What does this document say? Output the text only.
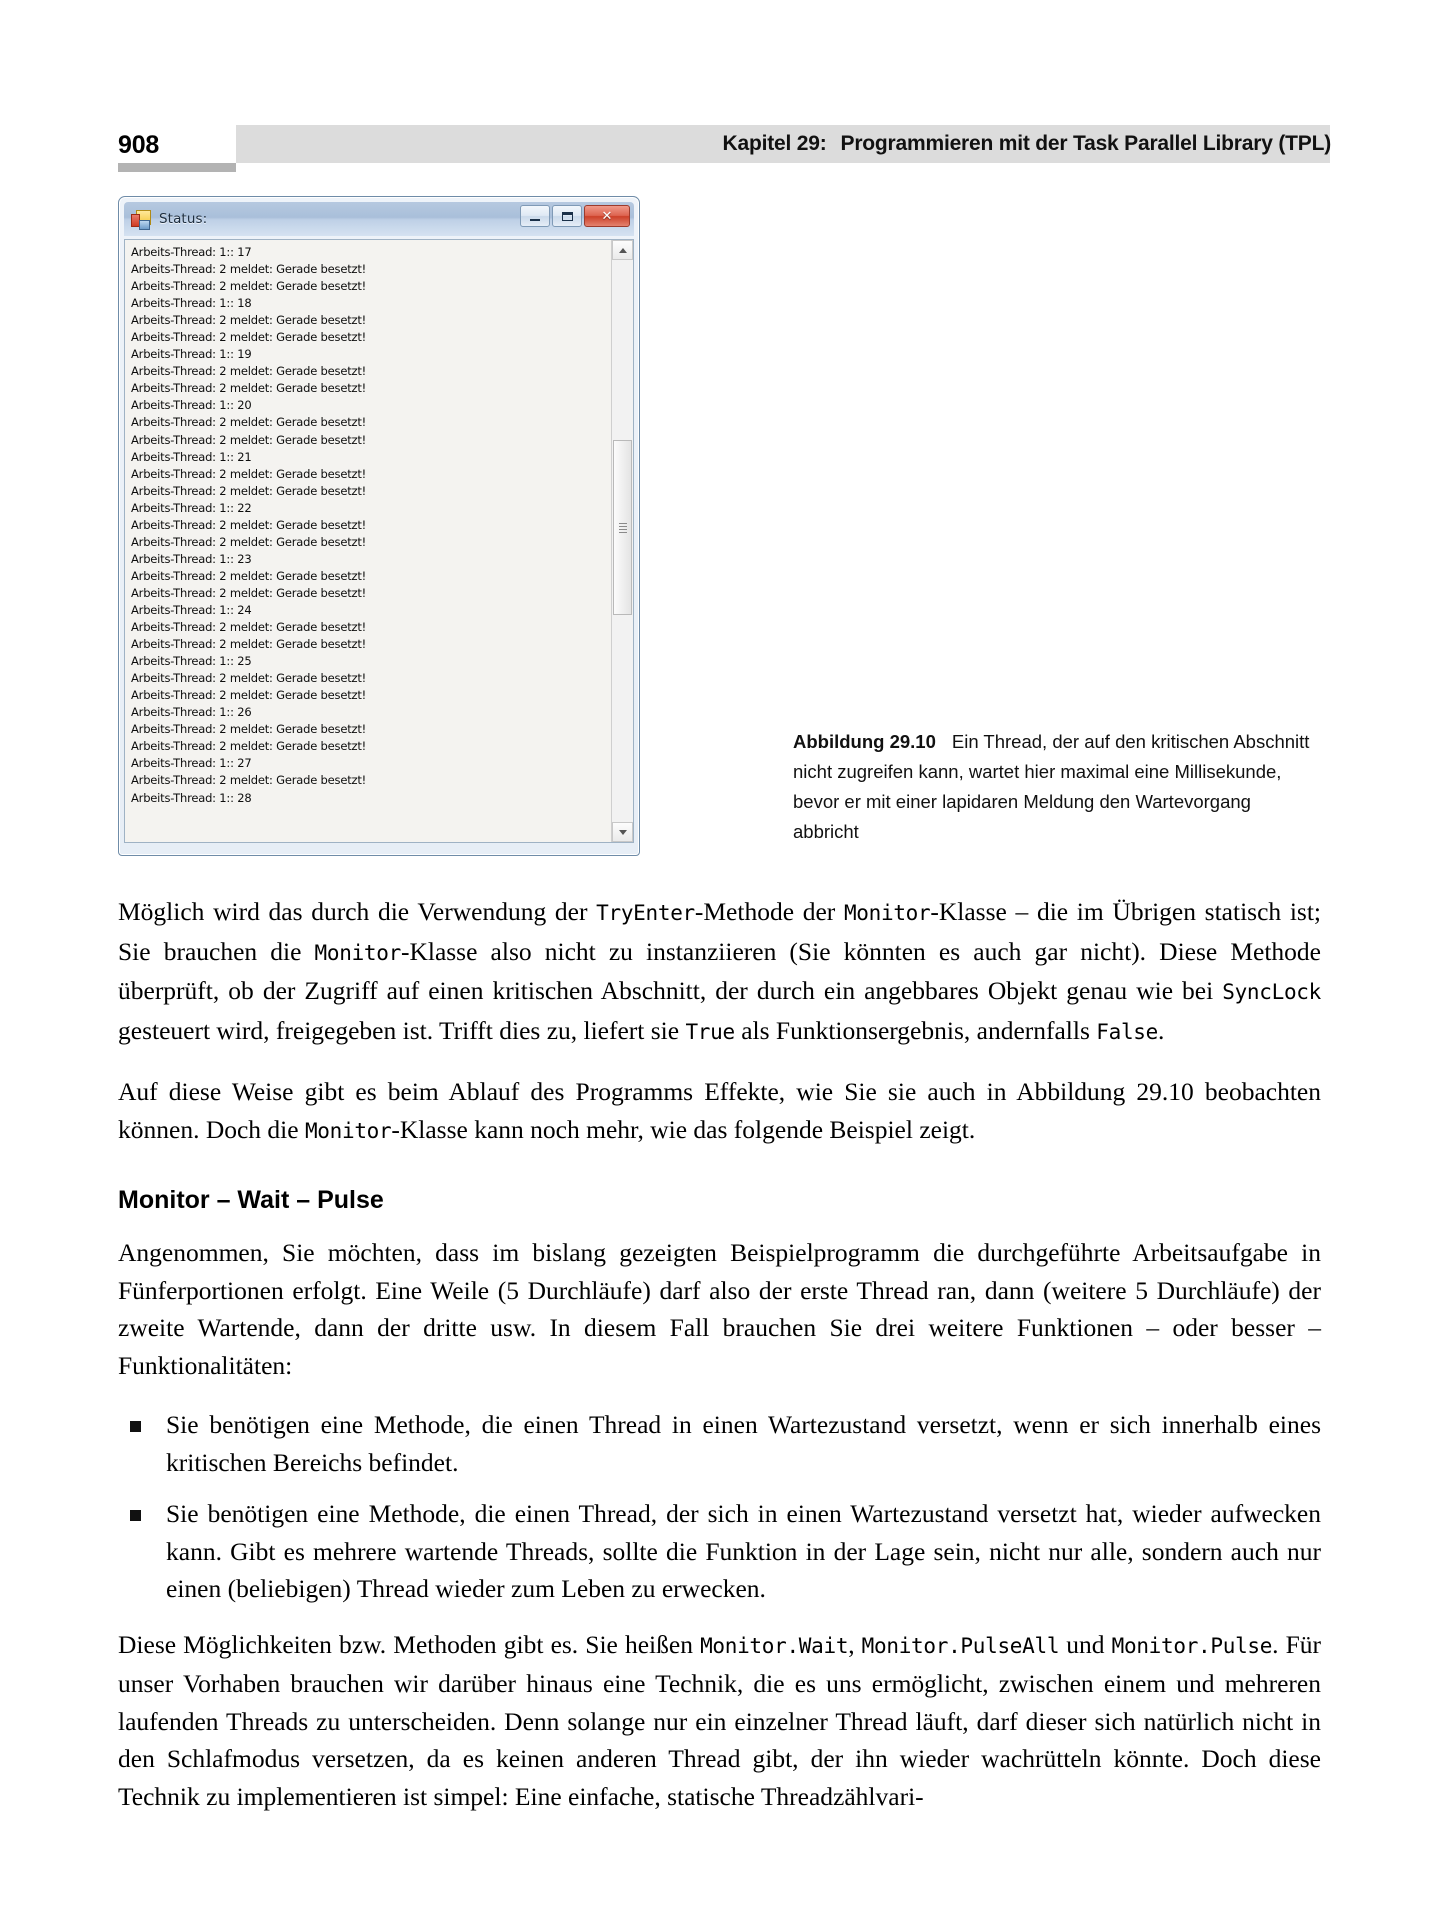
908	Kapitel 29: Programmieren mit der Task Parallel Library (TPL)
Status:	✕
Arbeits-Thread: 1:: 17
Arbeits-Thread: 2 meldet: Gerade besetzt!
Arbeits-Thread: 2 meldet: Gerade besetzt!
Arbeits-Thread: 1:: 18
Arbeits-Thread: 2 meldet: Gerade besetzt!
Arbeits-Thread: 2 meldet: Gerade besetzt!
Arbeits-Thread: 1:: 19
Arbeits-Thread: 2 meldet: Gerade besetzt!
Arbeits-Thread: 2 meldet: Gerade besetzt!
Arbeits-Thread: 1:: 20
Arbeits-Thread: 2 meldet: Gerade besetzt!
Arbeits-Thread: 2 meldet: Gerade besetzt!
Arbeits-Thread: 1:: 21
Arbeits-Thread: 2 meldet: Gerade besetzt!
Arbeits-Thread: 2 meldet: Gerade besetzt!
Arbeits-Thread: 1:: 22
Arbeits-Thread: 2 meldet: Gerade besetzt!
Arbeits-Thread: 2 meldet: Gerade besetzt!
Arbeits-Thread: 1:: 23
Arbeits-Thread: 2 meldet: Gerade besetzt!
Arbeits-Thread: 2 meldet: Gerade besetzt!
Arbeits-Thread: 1:: 24
Arbeits-Thread: 2 meldet: Gerade besetzt!
Arbeits-Thread: 2 meldet: Gerade besetzt!
Arbeits-Thread: 1:: 25
Arbeits-Thread: 2 meldet: Gerade besetzt!
Arbeits-Thread: 2 meldet: Gerade besetzt!
Arbeits-Thread: 1:: 26
Arbeits-Thread: 2 meldet: Gerade besetzt!
Arbeits-Thread: 2 meldet: Gerade besetzt!
Arbeits-Thread: 1:: 27
Arbeits-Thread: 2 meldet: Gerade besetzt!
Arbeits-Thread: 1:: 28
Abbildung 29.10 Ein Thread, der auf den kritischen Abschnitt nicht zugreifen kann, wartet hier maximal eine Millisekunde, bevor er mit einer lapidaren Meldung den Wartevorgang abbricht

Möglich wird das durch die Verwendung der TryEnter-Methode der Monitor-Klasse – die im Übrigen statisch ist; Sie brauchen die Monitor-Klasse also nicht zu instanziieren (Sie könnten es auch gar nicht). Diese Methode überprüft, ob der Zugriff auf einen kritischen Abschnitt, der durch ein angebbares Objekt genau wie bei SyncLock gesteuert wird, freigegeben ist. Trifft dies zu, liefert sie True als Funktionsergebnis, andernfalls False.

Auf diese Weise gibt es beim Ablauf des Programms Effekte, wie Sie sie auch in Abbildung 29.10 beobachten können. Doch die Monitor-Klasse kann noch mehr, wie das folgende Beispiel zeigt.

Monitor – Wait – Pulse

Angenommen, Sie möchten, dass im bislang gezeigten Beispielprogramm die durchgeführte Arbeitsaufgabe in Fünferportionen erfolgt. Eine Weile (5 Durchläufe) darf also der erste Thread ran, dann (weitere 5 Durchläufe) der zweite Wartende, dann der dritte usw. In diesem Fall brauchen Sie drei weitere Funktionen – oder besser – Funktionalitäten:

Sie benötigen eine Methode, die einen Thread in einen Wartezustand versetzt, wenn er sich innerhalb eines kritischen Bereichs befindet.
Sie benötigen eine Methode, die einen Thread, der sich in einen Wartezustand versetzt hat, wieder aufwecken kann. Gibt es mehrere wartende Threads, sollte die Funktion in der Lage sein, nicht nur alle, sondern auch nur einen (beliebigen) Thread wieder zum Leben zu erwecken.

Diese Möglichkeiten bzw. Methoden gibt es. Sie heißen Monitor.Wait, Monitor.PulseAll und Monitor.Pulse. Für unser Vorhaben brauchen wir darüber hinaus eine Technik, die es uns ermöglicht, zwischen einem und mehreren laufenden Threads zu unterscheiden. Denn solange nur ein einzelner Thread läuft, darf dieser sich natürlich nicht in den Schlafmodus versetzen, da es keinen anderen Thread gibt, der ihn wieder wachrütteln könnte. Doch diese Technik zu implementieren ist simpel: Eine einfache, statische Threadzählvari-
